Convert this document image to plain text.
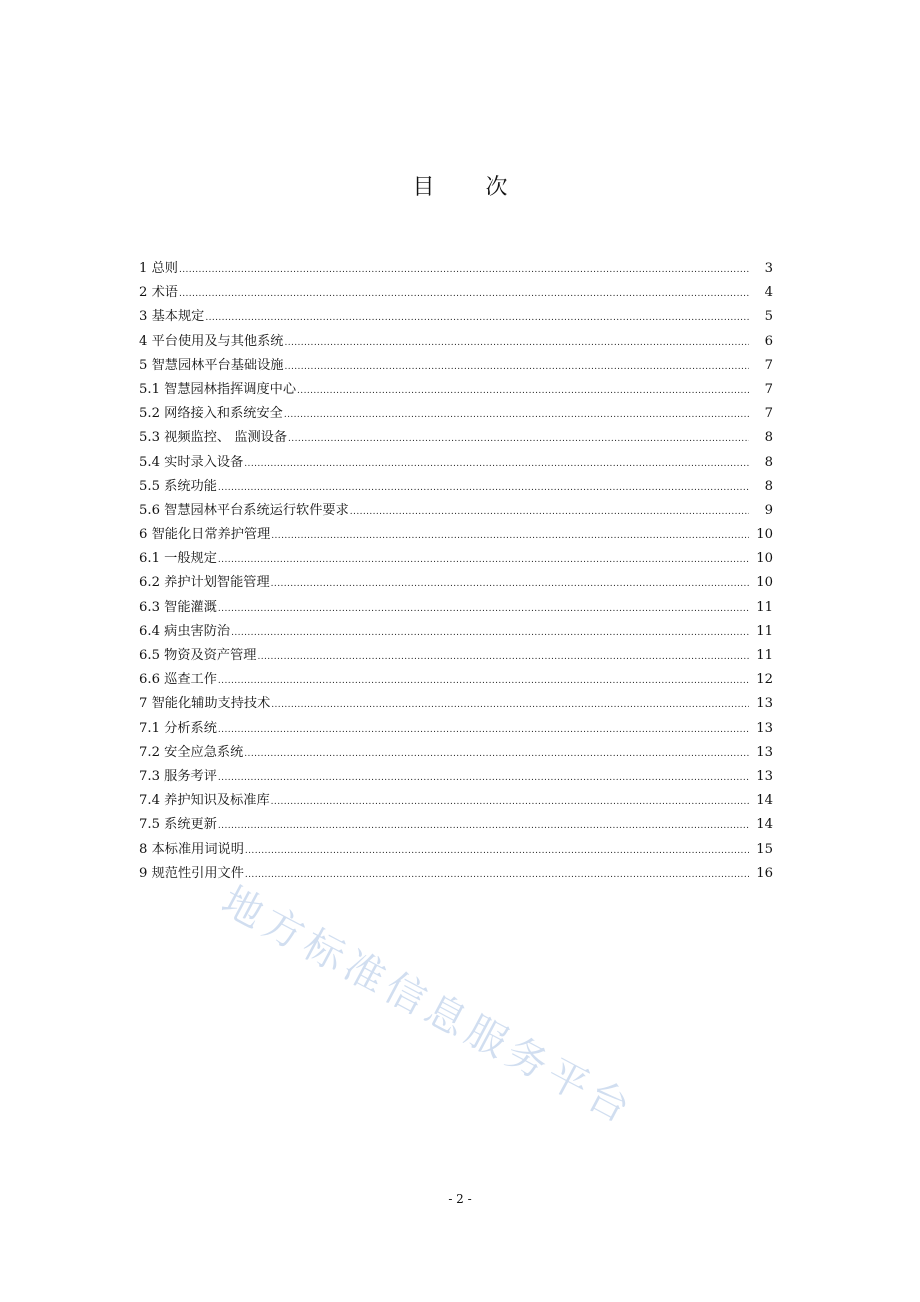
目 次
1 总则 .....	3
2 术语 .....	4
3 基本规定 .....	5
4 平台使用及与其他系统 .....	6
5 智慧园林平台基础设施 .....	7
5.1 智慧园林指挥调度中心 .....	7
5.2 网络接入和系统安全 .....	7
5.3 视频监控、 监测设备 .....	8
5.4 实时录入设备 .....	8
5.5 系统功能 .....	8
5.6 智慧园林平台系统运行软件要求 .....	9
6 智能化日常养护管理 .....	10
6.1 一般规定 .....	10
6.2 养护计划智能管理 .....	10
6.3 智能灌溉 .....	11
6.4 病虫害防治 .....	11
6.5 物资及资产管理 .....	11
6.6 巡查工作 .....	12
7 智能化辅助支持技术 .....	13
7.1 分析系统 .....	13
7.2 安全应急系统 .....	13
7.3 服务考评 .....	13
7.4 养护知识及标准库 .....	14
7.5 系统更新 .....	14
8 本标准用词说明 .....	15
9 规范性引用文件 .....	16
地方标准信息服务平台
- 2 -
